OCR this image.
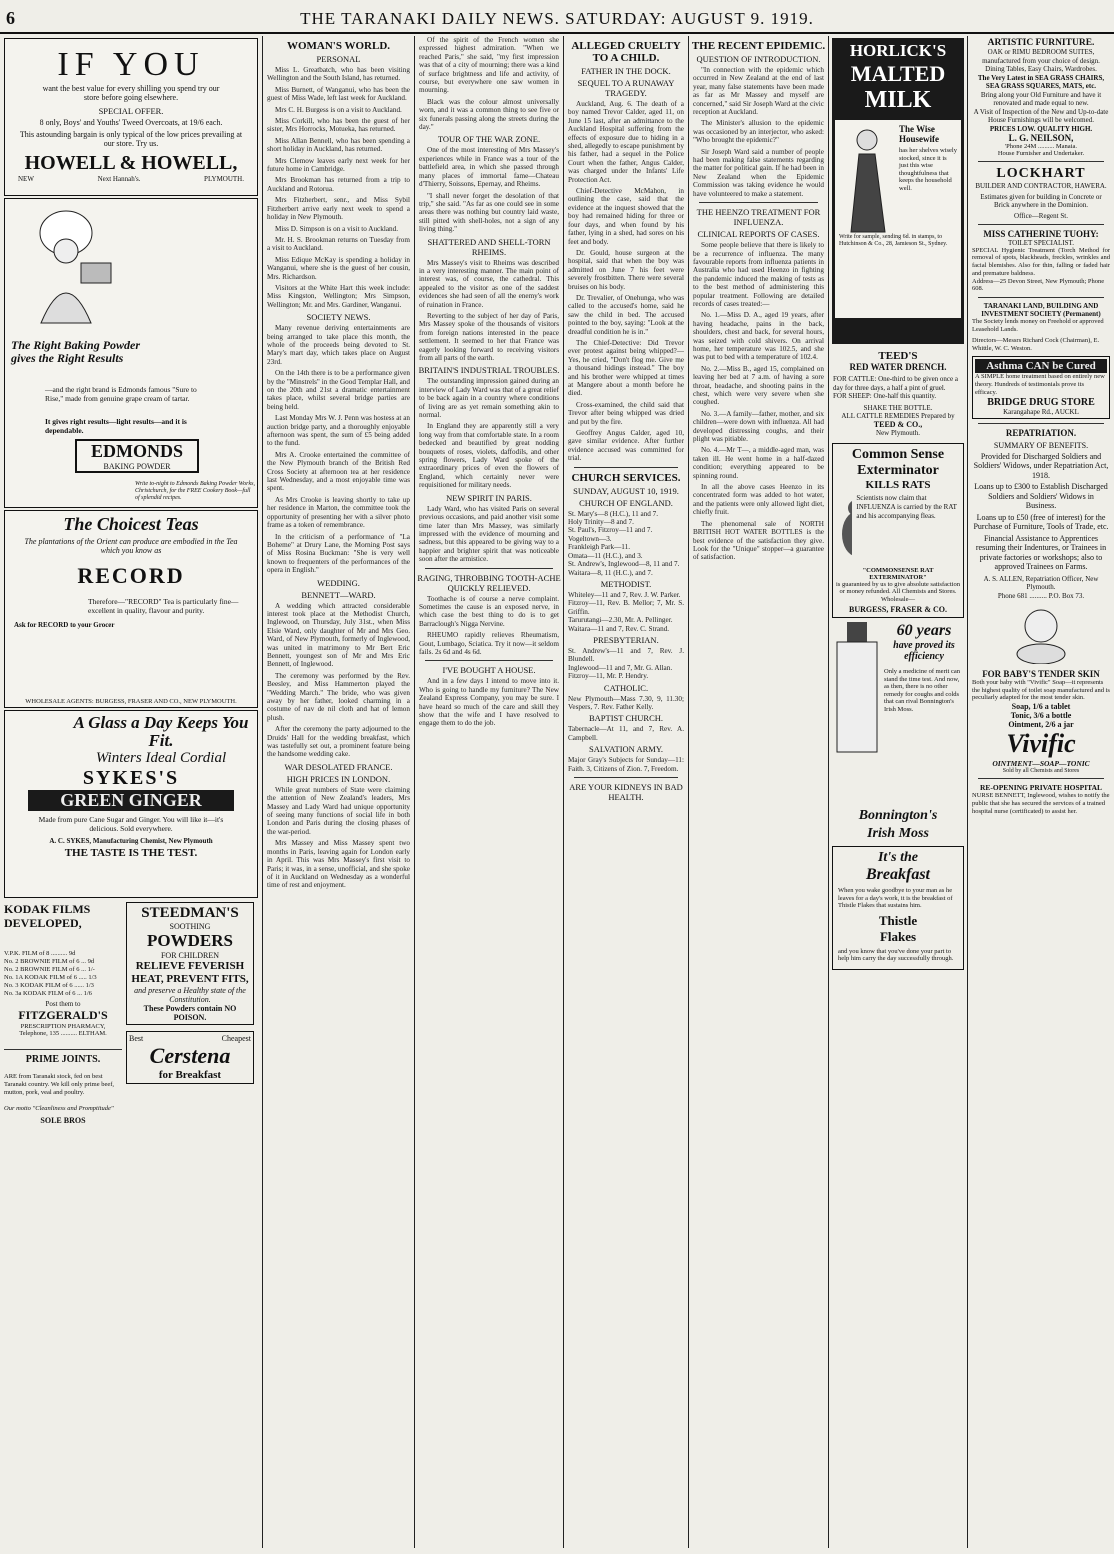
6	THE TARANAKI DAILY NEWS. SATURDAY: AUGUST 9. 1919.
IF YOU
want the best value for every shilling you spend try our
store before going elsewhere.
SPECIAL OFFER.
8 only, Boys' and Youths' Tweed Overcoats, at 19/6 each.
This astounding bargain is only typical of the low prices prevailing at our store. Try us.
HOWELL & HOWELL,
NEW	Next Hannah's.	PLYMOUTH.
The Right Baking Powder gives the Right Results
—and the right brand is Edmonds famous "Sure to Rise," made from genuine grape cream of tartar.
It gives right results—light results—and it is dependable.
EDMONDS
BAKING POWDER
Write to-night to Edmonds Baking Powder Works, Christchurch, for the FREE Cookery Book—full of splendid recipes.
The Choicest Teas
The plantations of the Orient can produce are embodied in the Tea which you know as
RECORD
Therefore—"RECORD" Tea is particularly fine—excellent in quality, flavour and purity.
Ask for RECORD to your Grocer
WHOLESALE AGENTS: BURGESS, FRASER AND CO., NEW PLYMOUTH.
A Glass a Day Keeps You Fit.
Winters Ideal Cordial
SYKES'S
GREEN GINGER
Made from pure Cane Sugar and Ginger. You will like it—it's delicious. Sold everywhere.
A. C. SYKES, Manufacturing Chemist, New Plymouth
THE TASTE IS THE TEST.
KODAK FILMS DEVELOPED,
V.P.K. FILM of 8 .......... 9d
No. 2 BROWNIE FILM of 6 ... 9d
No. 2 BROWNIE FILM of 6 ... 1/-
No. 1A KODAK FILM of 6 ..... 1/3
No. 3 KODAK FILM of 6 ...... 1/3
No. 3a KODAK FILM of 6 ... 1/6
Post them to
FITZGERALD'S
PRESCRIPTION PHARMACY,
Telephone, 135 .......... ELTHAM.
PRIME JOINTS.
ARE from Taranaki stock, fed on best Taranaki country. We kill only prime beef, mutton, pork, veal and poultry.
Our motto "Cleanliness and Promptitude"
SOLE BROS
STEEDMAN'S
SOOTHING
POWDERS
FOR CHILDREN
RELIEVE FEVERISH HEAT, PREVENT FITS,
and preserve a Healthy state of the Constitution.
These Powders contain NO POISON.
Best	Cheapest
Cerstena
for Breakfast
WOMAN'S WORLD.
PERSONAL

Miss L. Greatbatch, who has been visiting Wellington and the South Island, has returned.

Miss Burnett, of Wanganui, who has been the guest of Miss Wade, left last week for Auckland.

Mrs C. H. Burgess is on a visit to Auckland.

Miss Corkill, who has been the guest of her sister, Mrs Horrocks, Motueka, has returned.

Miss Allan Bennell, who has been spending a short holiday in Auckland, has returned.

Mrs Clemow leaves early next week for her future home in Cambridge.

Mrs Brookman has returned from a trip to Auckland and Rotorua.

Mrs Fitzherbert, senr., and Miss Sybil Fitzherbert arrive early next week to spend a holiday in New Plymouth.

Miss D. Simpson is on a visit to Auckland.

Mr. H. S. Brookman returns on Tuesday from a visit to Auckland.

Miss Edique McKay is spending a holiday in Wanganui, where she is the guest of her cousin, Mrs. Richardson.

Visitors at the White Hart this week include: Miss Kingston, Wellington; Mrs Simpson, Wellington; Mr. and Mrs. Gardiner, Wanganui.

SOCIETY NEWS.

Many revenue deriving entertainments are being arranged to take place this month, the whole of the proceeds being devoted to St. Mary's mart day, which takes place on August 23rd.

On the 14th there is to be a performance given by the "Minstrels" in the Good Templar Hall, and on the 20th and 21st a dramatic entertainment takes place, whilst several bridge parties are being held.

Last Monday Mrs W. J. Penn was hostess at an auction bridge party, and a thoroughly enjoyable afternoon was spent, the sum of £5 being added to the fund.

Mrs A. Crooke entertained the committee of the New Plymouth branch of the British Red Cross Society at afternoon tea at her residence last Wednesday, and a most enjoyable time was spent.

As Mrs Crooke is leaving shortly to take up her residence in Marton, the committee took the opportunity of presenting her with a silver photo frame as a token of remembrance.

In the criticism of a performance of "La Boheme" at Drury Lane, the Morning Post says of Miss Rosina Buckman: "She is very well known to frequenters of the performances of the opera in English."

WEDDING.
BENNETT—WARD.

A wedding which attracted considerable interest took place at the Methodist Church, Inglewood, on Thursday, July 31st., when Miss Elsie Ward, only daughter of Mr and Mrs Geo. Ward, of New Plymouth, formerly of Inglewood, was united in matrimony to Mr Bert Eric Bennett, youngest son of Mr and Mrs Eric Bennett, of Inglewood.

The ceremony was performed by the Rev. Beesley, and Miss Hammerton played the "Wedding March." The bride, who was given away by her father, looked charming in a costume of nav de nil cloth and hat of lemon plush.

After the ceremony the party adjourned to the Druids' Hall for the wedding breakfast, which was tastefully set out, a prominent feature being the handsome wedding cake.

WAR DESOLATED FRANCE.
HIGH PRICES IN LONDON.

While great numbers of State were claiming the attention of New Zealand's leaders, Mrs Massey and Lady Ward had unique opportunity of seeing many functions of social life in both London and Paris during the closing phases of the war-period.

Mrs Massey and Miss Massey spent two months in Paris, leaving again for London early in April. This was Mrs Massey's first visit to Paris; it was, in a sense, unofficial, and she spoke of it in Auckland on Wednesday as a wonderful time of rest and enjoyment.

Of the spirit of the French women she expressed highest admiration. "When we reached Paris," she said, "my first impression was that of a city of mourning; there was a kind of surface brightness and life and activity, of course, but everywhere one saw women in mourning.

Black was the colour almost universally worn, and it was a common thing to see five or six funerals passing along the streets during the day."

TOUR OF THE WAR ZONE.

One of the most interesting of Mrs Massey's experiences while in France was a tour of the battlefield area, in which she passed through many places of immortal fame—Chateau d'Thierry, Soissons, Epernay, and Rheims.

"I shall never forget the desolation of that trip," she said. "As far as one could see in some areas there was nothing but country laid waste, still pitted with shell-holes, not a sign of any living thing."

SHATTERED AND SHELL-TORN RHEIMS.

Mrs Massey's visit to Rheims was described in a very interesting manner. The main point of interest was, of course, the cathedral. This appealed to the visitor as one of the saddest evidences she had seen of all the enemy's work of ruination in France.

Reverting to the subject of her day of Paris, Mrs Massey spoke of the thousands of visitors from foreign nations interested in the peace settlement. It seemed to her that France was eagerly looking forward to receiving visitors from all parts of the earth.

BRITAIN'S INDUSTRIAL TROUBLES.

The outstanding impression gained during an interview of Lady Ward was that of a great relief to be back again in a country where conditions of living are as yet remain something akin to normal.

In England they are apparently still a very long way from that comfortable state. In a room bedecked and beautified by great nodding bouquets of roses, violets, daffodils, and other spring flowers, Lady Ward spoke of the extraordinary prices of even the flowers of England, which certainly never were requisitioned for military needs.

NEW SPIRIT IN PARIS.

Lady Ward, who has visited Paris on several previous occasions, and paid another visit some time later than Mrs Massey, was similarly impressed with the evidence of mourning and sadness, but this appeared to be giving way to a happier and brighter spirit that was noticeable soon after the armistice.

RAGING, THROBBING TOOTH-ACHE QUICKLY RELIEVED.

Toothache is of course a nerve complaint. Sometimes the cause is an exposed nerve, in which case the best thing to do is to get Barraclough's Nigga Nervine.

RHEUMO rapidly relieves Rheumatism, Gout, Lumbago, Sciatica. Try it now—it seldom fails. 2s 6d and 4s 6d.

I'VE BOUGHT A HOUSE.

And in a few days I intend to move into it. Who is going to handle my furniture? The New Zealand Express Company, you may be sure. I have heard so much of the care and skill they show that the wife and I have resolved to engage them to do the job.

ALLEGED CRUELTY TO A CHILD.
FATHER IN THE DOCK.
SEQUEL TO A RUNAWAY TRAGEDY.

Auckland, Aug. 6. The death of a boy named Trevor Calder, aged 11, on June 15 last, after an admittance to the Auckland Hospital suffering from the effects of exposure due to hiding in a shed, allegedly to escape punishment by his father, had a sequel in the Police Court when the father, Angus Calder, was charged under the Infants' Life Protection Act.

Chief-Detective McMahon, in outlining the case, said that the evidence at the inquest showed that the boy had remained hiding for three or four days, and when found by his father, lying in a shed, had sores on his feet and body.

Dr. Gould, house surgeon at the hospital, said that when the boy was admitted on June 7 his feet were severely frostbitten. There were several bruises on his body.

Dr. Trevalier, of Onehunga, who was called to the accused's home, said he saw the child in bed. The accused pointed to the boy, saying: "Look at the dreadful condition he is in."

The Chief-Detective: Did Trevor ever protest against being whipped?—Yes, he cried, "Don't flog me. Give me a thousand hidings instead." The boy and his brother were whipped at times at Mangere about a month before he died.

Cross-examined, the child said that Trevor after being whipped was dried and put by the fire.

Geoffrey Angus Calder, aged 10, gave similar evidence. After further evidence accused was committed for trial.

CHURCH SERVICES.
SUNDAY, AUGUST 10, 1919.
CHURCH OF ENGLAND.
St. Mary's—8 (H.C.), 11 and 7.
Holy Trinity—8 and 7.
St. Paul's, Fitzroy—11 and 7.
Vogeltown—3.
Frankleigh Park—11.
Omata—11 (H.C.), and 3.
St. Andrew's, Inglewood—8, 11 and 7.
Waitara—8, 11 (H.C.), and 7.
METHODIST.
Whiteley—11 and 7, Rev. J. W. Parker.
Fitzroy—11, Rev. B. Mellor; 7, Mr. S. Griffin.
Tarurutangi—2.30, Mr. A. Pellinger.
Waitara—11 and 7, Rev. C. Strand.
PRESBYTERIAN.
St. Andrew's—11 and 7, Rev. J. Blundell.
Inglewood—11 and 7, Mr. G. Allan.
Fitzroy—11, Mr. P. Hendry.
CATHOLIC.
New Plymouth—Mass 7.30, 9, 11.30; Vespers, 7. Rev. Father Kelly.
BAPTIST CHURCH.
Tabernacle—At 11, and 7, Rev. A. Campbell.
SALVATION ARMY.
Major Gray's Subjects for Sunday—11: Faith. 3, Citizens of Zion. 7, Freedom.
ARE YOUR KIDNEYS IN BAD HEALTH.
THE RECENT EPIDEMIC.
QUESTION OF INTRODUCTION.

"In connection with the epidemic which occurred in New Zealand at the end of last year, many false statements have been made as far as Mr Massey and myself are concerned," said Sir Joseph Ward at the civic reception at Auckland.

The Minister's allusion to the epidemic was occasioned by an interjector, who asked: "Who brought the epidemic?"

Sir Joseph Ward said a number of people had been making false statements regarding the matter for political gain. If he had been in New Zealand when the Epidemic Commission was taking evidence he would have volunteered to make a statement.

THE HEENZO TREATMENT FOR INFLUENZA.
CLINICAL REPORTS OF CASES.

Some people believe that there is likely to be a recurrence of influenza. The many favourable reports from influenza patients in Australia who had used Heenzo in fighting the pandemic induced the making of tests as to the best method of administering this popular treatment. Following are detailed records of cases treated:—

No. 1.—Miss D. A., aged 19 years, after having headache, pains in the back, shoulders, chest and back, for several hours, was seized with cold shivers. On arrival home, her temperature was 102.5, and she was put to bed with a temperature of 102.4.

No. 2.—Miss B., aged 15, complained on leaving her bed at 7 a.m. of having a sore throat, headache, and shooting pains in the chest, which were very severe when she coughed.

No. 3.—A family—father, mother, and six children—were down with influenza. All had developed distressing coughs, and their plight was pitiable.

No. 4.—Mr T—, a middle-aged man, was taken ill. He went home in a half-dazed condition; everything appeared to be spinning round.

In all the above cases Heenzo in its concentrated form was added to hot water, and the patients were only allowed light diet, chiefly fruit.

The phenomenal sale of NORTH BRITISH HOT WATER BOTTLES is the best evidence of the satisfaction they give. Look for the "Unique" stopper—a guarantee of satisfaction.

HORLICK'S
MALTED
MILK
The Wise Housewife
has her shelves wisely stocked, since it is just this wise thoughtfulness that keeps the household well.
Write for sample, sending 6d. in stamps, to Hutchinson & Co., 28, Jamieson St., Sydney.
TEED'S
RED WATER DRENCH.
FOR CATTLE: One-third to be given once a day for three days, a half a pint of gruel.
FOR SHEEP: One-half this quantity.
SHAKE THE BOTTLE.
ALL CATTLE REMEDIES Prepared by
TEED & CO.,
New Plymouth.
Common Sense
Exterminator
KILLS RATS
Scientists now claim that INFLUENZA is carried by the RAT and his accompanying fleas.
"COMMONSENSE RAT EXTERMINATOR"
is guaranteed by us to give absolute satisfaction or money refunded. All Chemists and Stores. Wholesale—
BURGESS, FRASER & CO.
60 years
have proved its efficiency
Only a medicine of merit can stand the time test. And now, as then, there is no other remedy for coughs and colds that can rival Bonnington's Irish Moss.
Bonnington's
Irish Moss
It's the
Breakfast
When you wake goodbye to your man as he leaves for a day's work, it is the breakfast of Thistle Flakes that sustains him.
Thistle
Flakes
and you know that you've done your part to help him carry the day successfully through.
ARTISTIC FURNITURE.
OAK or RIMU BEDROOM SUITES, manufactured from your choice of design. Dining Tables, Easy Chairs, Wardrobes.
The Very Latest in SEA GRASS CHAIRS, SEA GRASS SQUARES, MATS, etc.
Bring along your Old Furniture and have it renovated and made equal to new.
A Visit of Inspection of the New and Up-to-date House Furnishings will be welcomed.
PRICES LOW. QUALITY HIGH.
L. G. NEILSON,
'Phone 24M .......... Manaia.
House Furnisher and Undertaker.
LOCKHART
BUILDER AND CONTRACTOR, HAWERA.
Estimates given for building in Concrete or Brick anywhere in the Dominion.
Office—Regent St.
MISS CATHERINE TUOHY:
TOILET SPECIALIST.
SPECIAL Hygienic Treatment (Torch Method for removal of spots, blackheads, freckles, wrinkles and facial blemishes. Also for thin, falling or faded hair and premature baldness.
Address—25 Devon Street, New Plymouth; Phone 608.
TARANAKI LAND, BUILDING AND INVESTMENT SOCIETY (Permanent)
The Society lends money on Freehold or approved Leasehold Lands.
Directors—Messrs Richard Cock (Chairman), E. Whittle, W. C. Weston.
Asthma CAN be Cured
A SIMPLE home treatment based on entirely new theory. Hundreds of testimonials prove its efficacy.
BRIDGE DRUG STORE
Karangahape Rd., AUCKL
REPATRIATION.
SUMMARY OF BENEFITS.
Provided for Discharged Soldiers and Soldiers' Widows, under Repatriation Act, 1918.
Loans up to £300 to Establish Discharged Soldiers and Soldiers' Widows in Business.
Loans up to £50 (free of interest) for the Purchase of Furniture, Tools of Trade, etc.
Financial Assistance to Apprentices resuming their Indentures, or Trainees in private factories or workshops; also to approved Trainees on Farms.
A. S. ALLEN, Repatriation Officer, New Plymouth.
Phone 681 .......... P.O. Box 73.
FOR BABY'S TENDER SKIN
Both your baby with "Vivific" Soap—it represents the highest quality of toilet soap manufactured and is peculiarly adapted for the most tender skin.
Soap, 1/6 a tablet
Tonic, 3/6 a bottle
Ointment, 2/6 a jar
Vivific
OINTMENT—SOAP—TONIC
Sold by all Chemists and Stores
RE-OPENING PRIVATE HOSPITAL
NURSE BENNETT, Inglewood, wishes to notify the public that she has secured the services of a trained hospital nurse (certificated) to assist her.
